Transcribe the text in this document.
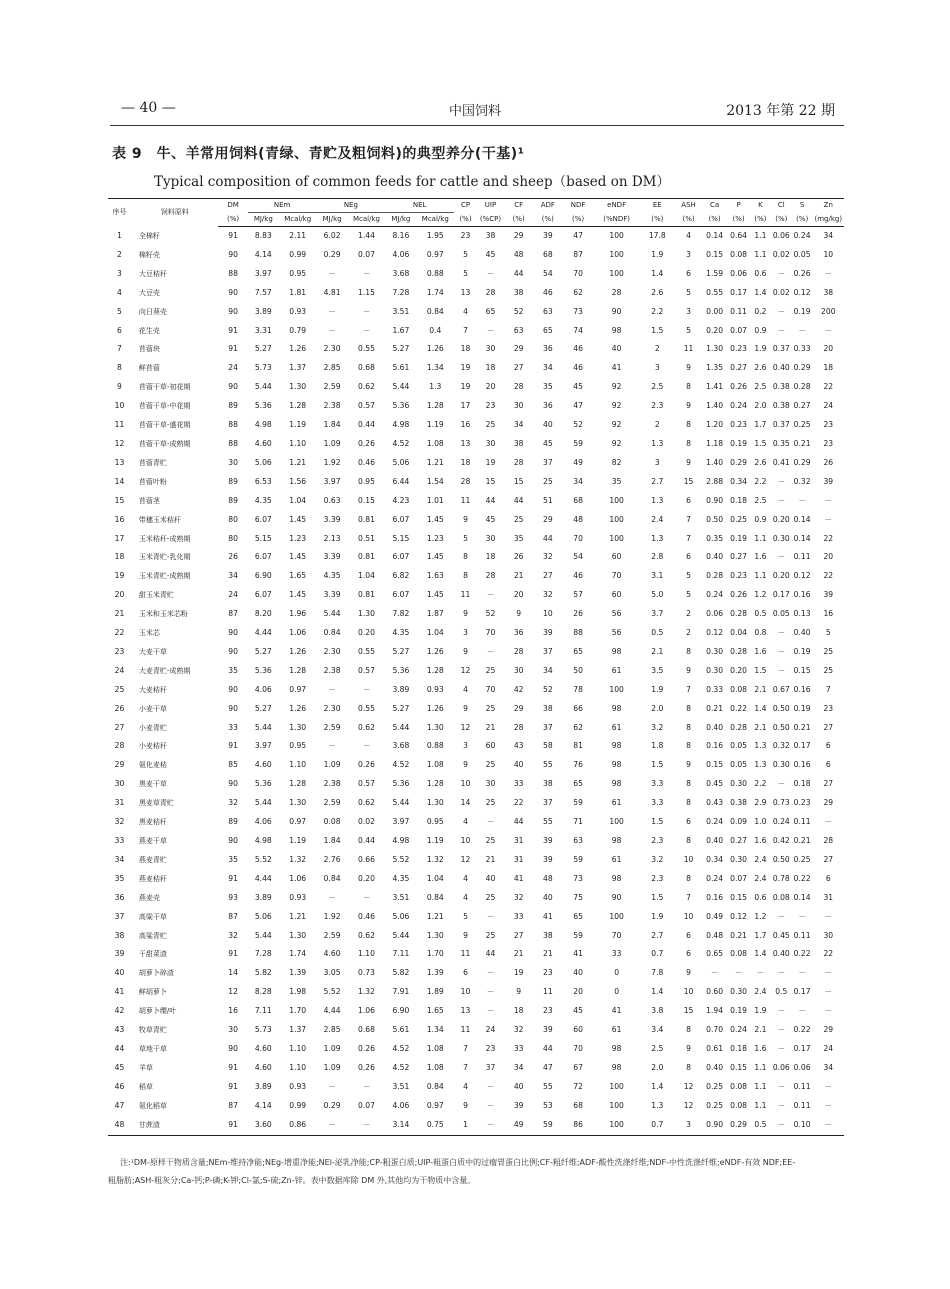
— 40 —	中国饲料	2013 年第 22 期
表 9　牛、羊常用饲料(青绿、青贮及粗饲料)的典型养分(干基)¹
Typical composition of common feeds for cattle and sheep（based on DM）
序号	饲料原料	DM	NEm		NEg		NEL		CP	UIP	CF	ADF	NDF	eNDF	EE	ASH	Ca	P	K	Cl	S	Zn
		(%)	MJ/kg	Mcal/kg	MJ/kg	Mcal/kg	MJ/kg	Mcal/kg	(%)	(%CP)	(%)	(%)	(%)	(%NDF)	(%)	(%)	(%)	(%)	(%)	(%)	(%)	(mg/kg)
1	全棉籽	91	8.83	2.11	6.02	1.44	8.16	1.95	23	38	29	39	47	100	17.8	4	0.14	0.64	1.1	0.06	0.24	34
2	棉籽壳	90	4.14	0.99	0.29	0.07	4.06	0.97	5	45	48	68	87	100	1.9	3	0.15	0.08	1.1	0.02	0.05	10
3	大豆秸秆	88	3.97	0.95	－	－	3.68	0.88	5	－	44	54	70	100	1.4	6	1.59	0.06	0.6	－	0.26	－
4	大豆壳	90	7.57	1.81	4.81	1.15	7.28	1.74	13	28	38	46	62	28	2.6	5	0.55	0.17	1.4	0.02	0.12	38
5	向日葵壳	90	3.89	0.93	－	－	3.51	0.84	4	65	52	63	73	90	2.2	3	0.00	0.11	0.2	－	0.19	200
6	花生壳	91	3.31	0.79	－	－	1.67	0.4	7	－	63	65	74	98	1.5	5	0.20	0.07	0.9	－	－	－
7	苜蓿块	91	5.27	1.26	2.30	0.55	5.27	1.26	18	30	29	36	46	40	2	11	1.30	0.23	1.9	0.37	0.33	20
8	鲜苜蓿	24	5.73	1.37	2.85	0.68	5.61	1.34	19	18	27	34	46	41	3	9	1.35	0.27	2.6	0.40	0.29	18
9	苜蓿干草-初花期	90	5.44	1.30	2.59	0.62	5.44	1.3	19	20	28	35	45	92	2.5	8	1.41	0.26	2.5	0.38	0.28	22
10	苜蓿干草-中花期	89	5.36	1.28	2.38	0.57	5.36	1.28	17	23	30	36	47	92	2.3	9	1.40	0.24	2.0	0.38	0.27	24
11	苜蓿干草-盛花期	88	4.98	1.19	1.84	0.44	4.98	1.19	16	25	34	40	52	92	2	8	1.20	0.23	1.7	0.37	0.25	23
12	苜蓿干草-成熟期	88	4.60	1.10	1.09	0.26	4.52	1.08	13	30	38	45	59	92	1.3	8	1.18	0.19	1.5	0.35	0.21	23
13	苜蓿青贮	30	5.06	1.21	1.92	0.46	5.06	1.21	18	19	28	37	49	82	3	9	1.40	0.29	2.6	0.41	0.29	26
14	苜蓿叶粉	89	6.53	1.56	3.97	0.95	6.44	1.54	28	15	15	25	34	35	2.7	15	2.88	0.34	2.2	－	0.32	39
15	苜蓿茎	89	4.35	1.04	0.63	0.15	4.23	1.01	11	44	44	51	68	100	1.3	6	0.90	0.18	2.5	－	－	－
16	带穗玉米秸秆	80	6.07	1.45	3.39	0.81	6.07	1.45	9	45	25	29	48	100	2.4	7	0.50	0.25	0.9	0.20	0.14	－
17	玉米秸秆-成熟期	80	5.15	1.23	2.13	0.51	5.15	1.23	5	30	35	44	70	100	1.3	7	0.35	0.19	1.1	0.30	0.14	22
18	玉米青贮-乳化期	26	6.07	1.45	3.39	0.81	6.07	1.45	8	18	26	32	54	60	2.8	6	0.40	0.27	1.6	－	0.11	20
19	玉米青贮-成熟期	34	6.90	1.65	4.35	1.04	6.82	1.63	8	28	21	27	46	70	3.1	5	0.28	0.23	1.1	0.20	0.12	22
20	甜玉米青贮	24	6.07	1.45	3.39	0.81	6.07	1.45	11	－	20	32	57	60	5.0	5	0.24	0.26	1.2	0.17	0.16	39
21	玉米和玉米芯粉	87	8.20	1.96	5.44	1.30	7.82	1.87	9	52	9	10	26	56	3.7	2	0.06	0.28	0.5	0.05	0.13	16
22	玉米芯	90	4.44	1.06	0.84	0.20	4.35	1.04	3	70	36	39	88	56	0.5	2	0.12	0.04	0.8	－	0.40	5
23	大麦干草	90	5.27	1.26	2.30	0.55	5.27	1.26	9	－	28	37	65	98	2.1	8	0.30	0.28	1.6	－	0.19	25
24	大麦青贮-成熟期	35	5.36	1.28	2.38	0.57	5.36	1.28	12	25	30	34	50	61	3.5	9	0.30	0.20	1.5	－	0.15	25
25	大麦秸秆	90	4.06	0.97	－	－	3.89	0.93	4	70	42	52	78	100	1.9	7	0.33	0.08	2.1	0.67	0.16	7
26	小麦干草	90	5.27	1.26	2.30	0.55	5.27	1.26	9	25	29	38	66	98	2.0	8	0.21	0.22	1.4	0.50	0.19	23
27	小麦青贮	33	5.44	1.30	2.59	0.62	5.44	1.30	12	21	28	37	62	61	3.2	8	0.40	0.28	2.1	0.50	0.21	27
28	小麦秸秆	91	3.97	0.95	－	－	3.68	0.88	3	60	43	58	81	98	1.8	8	0.16	0.05	1.3	0.32	0.17	6
29	氨化麦秸	85	4.60	1.10	1.09	0.26	4.52	1.08	9	25	40	55	76	98	1.5	9	0.15	0.05	1.3	0.30	0.16	6
30	黑麦干草	90	5.36	1.28	2.38	0.57	5.36	1.28	10	30	33	38	65	98	3.3	8	0.45	0.30	2.2	－	0.18	27
31	黑麦草青贮	32	5.44	1.30	2.59	0.62	5.44	1.30	14	25	22	37	59	61	3.3	8	0.43	0.38	2.9	0.73	0.23	29
32	黑麦秸秆	89	4.06	0.97	0.08	0.02	3.97	0.95	4	－	44	55	71	100	1.5	6	0.24	0.09	1.0	0.24	0.11	－
33	燕麦干草	90	4.98	1.19	1.84	0.44	4.98	1.19	10	25	31	39	63	98	2.3	8	0.40	0.27	1.6	0.42	0.21	28
34	燕麦青贮	35	5.52	1.32	2.76	0.66	5.52	1.32	12	21	31	39	59	61	3.2	10	0.34	0.30	2.4	0.50	0.25	27
35	燕麦秸秆	91	4.44	1.06	0.84	0.20	4.35	1.04	4	40	41	48	73	98	2.3	8	0.24	0.07	2.4	0.78	0.22	6
36	燕麦壳	93	3.89	0.93	－	－	3.51	0.84	4	25	32	40	75	90	1.5	7	0.16	0.15	0.6	0.08	0.14	31
37	高粱干草	87	5.06	1.21	1.92	0.46	5.06	1.21	5	－	33	41	65	100	1.9	10	0.49	0.12	1.2	－	－	－
38	高粱青贮	32	5.44	1.30	2.59	0.62	5.44	1.30	9	25	27	38	59	70	2.7	6	0.48	0.21	1.7	0.45	0.11	30
39	干甜菜渣	91	7.28	1.74	4.60	1.10	7.11	1.70	11	44	21	21	41	33	0.7	6	0.65	0.08	1.4	0.40	0.22	22
40	胡萝卜碎渣	14	5.82	1.39	3.05	0.73	5.82	1.39	6	－	19	23	40	0	7.8	9	－	－	－	－	－	－
41	鲜胡萝卜	12	8.28	1.98	5.52	1.32	7.91	1.89	10	－	9	11	20	0	1.4	10	0.60	0.30	2.4	0.5	0.17	－
42	胡萝卜缨/叶	16	7.11	1.70	4.44	1.06	6.90	1.65	13	－	18	23	45	41	3.8	15	1.94	0.19	1.9	－	－	－
43	牧草青贮	30	5.73	1.37	2.85	0.68	5.61	1.34	11	24	32	39	60	61	3.4	8	0.70	0.24	2.1	－	0.22	29
44	草地干草	90	4.60	1.10	1.09	0.26	4.52	1.08	7	23	33	44	70	98	2.5	9	0.61	0.18	1.6	－	0.17	24
45	羊草	91	4.60	1.10	1.09	0.26	4.52	1.08	7	37	34	47	67	98	2.0	8	0.40	0.15	1.1	0.06	0.06	34
46	稻草	91	3.89	0.93	－	－	3.51	0.84	4	－	40	55	72	100	1.4	12	0.25	0.08	1.1	－	0.11	－
47	氨化稻草	87	4.14	0.99	0.29	0.07	4.06	0.97	9	－	39	53	68	100	1.3	12	0.25	0.08	1.1	－	0.11	－
48	甘蔗渣	91	3.60	0.86	－	－	3.14	0.75	1	－	49	59	86	100	0.7	3	0.90	0.29	0.5	－	0.10	－
注:¹DM-原样干物质含量;NEm-维持净能;NEg-增重净能;NEl-泌乳净能;CP-粗蛋白质;UIP-粗蛋白质中的过瘤胃蛋白比例;CF-粗纤维;ADF-酸性洗涤纤维;NDF-中性洗涤纤维;eNDF-有效 NDF;EE-
粗脂肪;ASH-粗灰分;Ca-钙;P-磷;K-钾;Cl-氯;S-硫;Zn-锌。表中数据库除 DM 外,其他均为干物质中含量。
